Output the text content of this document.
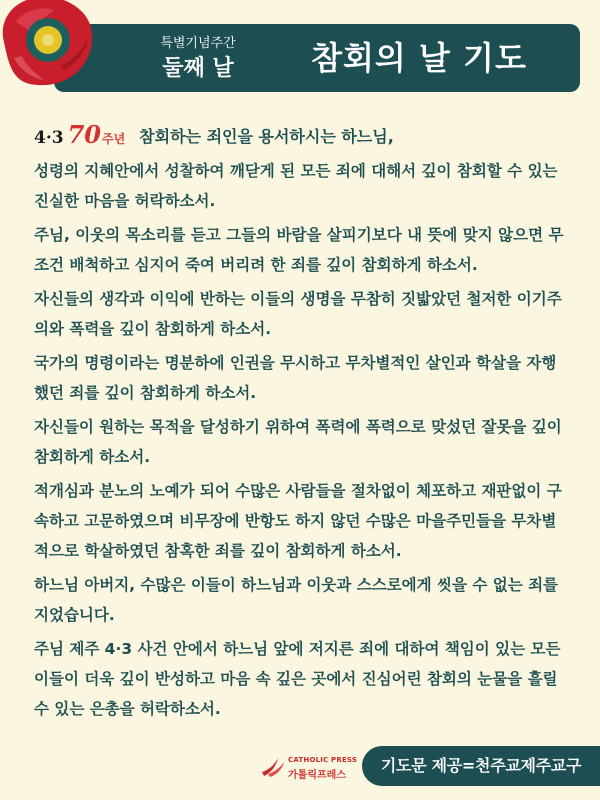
특별기념주간
둘째 날	참회의 날 기도
4·3 70 주년 참회하는 죄인을 용서하시는 하느님,

성령의 지혜안에서 성찰하여 깨닫게 된 모든 죄에 대해서 깊이 참회할 수 있는 진실한 마음을 허락하소서.

주님, 이웃의 목소리를 듣고 그들의 바람을 살피기보다 내 뜻에 맞지 않으면 무조건 배척하고 심지어 죽여 버리려 한 죄를 깊이 참회하게 하소서.

자신들의 생각과 이익에 반하는 이들의 생명을 무참히 짓밟았던 철저한 이기주의와 폭력을 깊이 참회하게 하소서.

국가의 명령이라는 명분하에 인권을 무시하고 무차별적인 살인과 학살을 자행 했던 죄를 깊이 참회하게 하소서.

자신들이 원하는 목적을 달성하기 위하여 폭력에 폭력으로 맞섰던 잘못을 깊이 참회하게 하소서.

적개심과 분노의 노예가 되어 수많은 사람들을 절차없이 체포하고 재판없이 구속하고 고문하였으며 비무장에 반항도 하지 않던 수많은 마을주민들을 무차별적으로 학살하였던 참혹한 죄를 깊이 참회하게 하소서.

하느님 아버지, 수많은 이들이 하느님과 이웃과 스스로에게 씻을 수 없는 죄를 지었습니다.

주님 제주 4·3 사건 안에서 하느님 앞에 저지른 죄에 대하여 책임이 있는 모든 이들이 더욱 깊이 반성하고 마음 속 깊은 곳에서 진심어린 참회의 눈물을 흘릴 수 있는 은총을 허락하소서.

CATHOLIC PRESS
가톨릭프레스
기도문 제공=천주교제주교구
